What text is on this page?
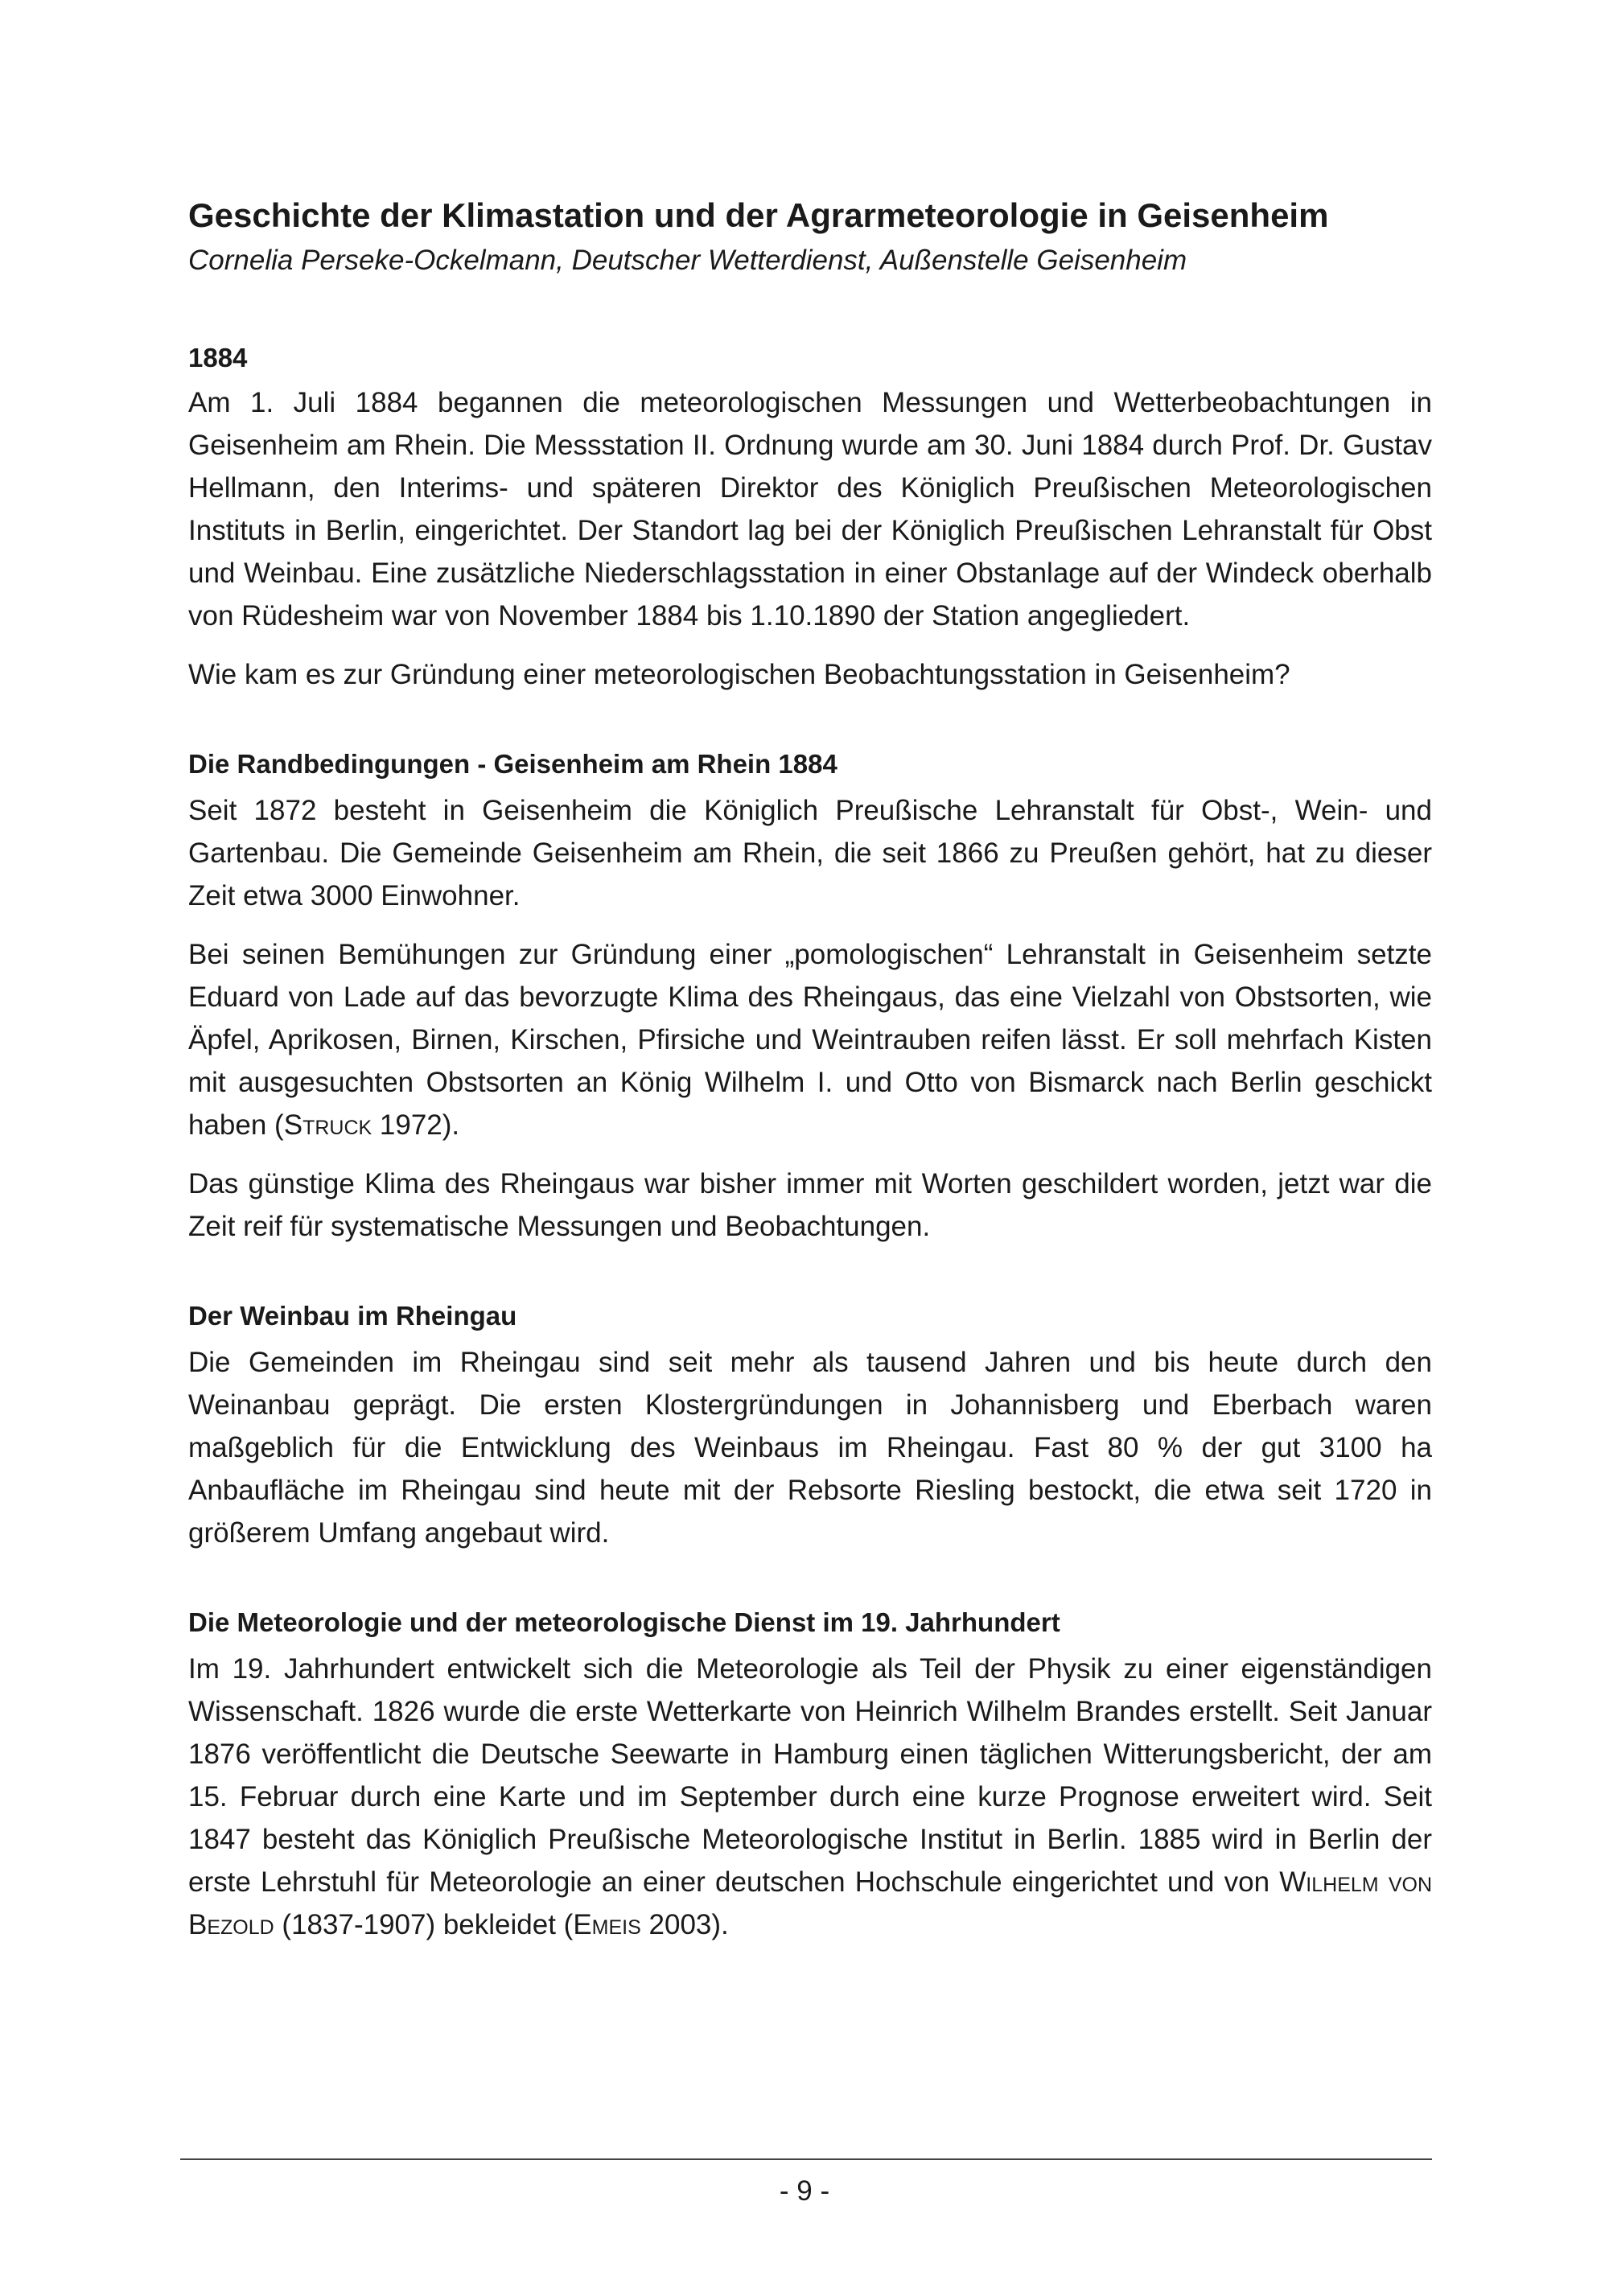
Geschichte der Klimastation und der Agrarmeteorologie in Geisenheim

Cornelia Perseke-Ockelmann, Deutscher Wetterdienst, Außenstelle Geisenheim

1884

Am 1. Juli 1884 begannen die meteorologischen Messungen und Wetterbeobachtungen in Geisenheim am Rhein. Die Messstation II. Ordnung wurde am 30. Juni 1884 durch Prof. Dr. Gustav Hellmann, den Interims- und späteren Direktor des Königlich Preußischen Meteorologischen Instituts in Berlin, eingerichtet. Der Standort lag bei der Königlich Preußischen Lehranstalt für Obst und Weinbau. Eine zusätzliche Niederschlagsstation in einer Obstanlage auf der Windeck oberhalb von Rüdesheim war von November 1884 bis 1.10.1890 der Station angegliedert.

Wie kam es zur Gründung einer meteorologischen Beobachtungsstation in Geisenheim?

Die Randbedingungen - Geisenheim am Rhein 1884

Seit 1872 besteht in Geisenheim die Königlich Preußische Lehranstalt für Obst-, Wein- und Gartenbau. Die Gemeinde Geisenheim am Rhein, die seit 1866 zu Preußen gehört, hat zu dieser Zeit etwa 3000 Einwohner.

Bei seinen Bemühungen zur Gründung einer „pomologischen“ Lehranstalt in Geisenheim setzte Eduard von Lade auf das bevorzugte Klima des Rheingaus, das eine Vielzahl von Obstsorten, wie Äpfel, Aprikosen, Birnen, Kirschen, Pfirsiche und Weintrauben reifen lässt. Er soll mehrfach Kisten mit ausgesuchten Obstsorten an König Wilhelm I. und Otto von Bismarck nach Berlin geschickt haben (Struck 1972).

Das günstige Klima des Rheingaus war bisher immer mit Worten geschildert worden, jetzt war die Zeit reif für systematische Messungen und Beobachtungen.

Der Weinbau im Rheingau

Die Gemeinden im Rheingau sind seit mehr als tausend Jahren und bis heute durch den Weinanbau geprägt. Die ersten Klostergründungen in Johannisberg und Eberbach waren maßgeblich für die Entwicklung des Weinbaus im Rheingau. Fast 80 % der gut 3100 ha Anbaufläche im Rheingau sind heute mit der Rebsorte Riesling bestockt, die etwa seit 1720 in größerem Umfang angebaut wird.

Die Meteorologie und der meteorologische Dienst im 19. Jahrhundert

Im 19. Jahrhundert entwickelt sich die Meteorologie als Teil der Physik zu einer eigenständigen Wissenschaft. 1826 wurde die erste Wetterkarte von Heinrich Wilhelm Brandes erstellt. Seit Januar 1876 veröffentlicht die Deutsche Seewarte in Hamburg einen täglichen Witterungsbericht, der am 15. Februar durch eine Karte und im September durch eine kurze Prognose erweitert wird. Seit 1847 besteht das Königlich Preußische Meteorologische Institut in Berlin. 1885 wird in Berlin der erste Lehrstuhl für Meteorologie an einer deutschen Hochschule eingerichtet und von Wilhelm von Bezold (1837-1907) bekleidet (Emeis 2003).

- 9 -
